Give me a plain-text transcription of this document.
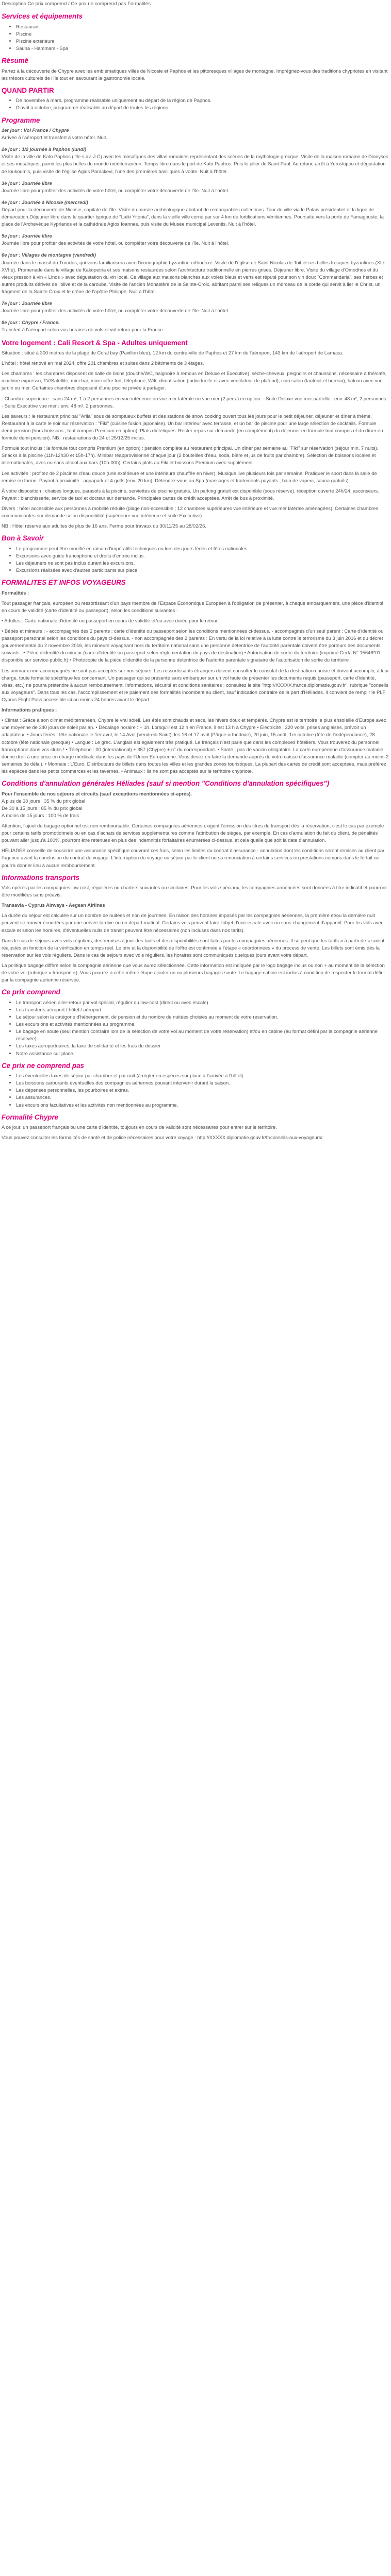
Description Ce prix comprend / Ce prix ne comprend pas Formalités
Services et équipements
• Restaurant
• Piscine
• Piscine extérieure
• Sauna - Hammam - Spa
Résumé

Partez à la découverte de Chypre avec les emblématiques villes de Nicosie et Paphos et les pittoresques villages de montagne. Imprégnez-vous des traditions chypriotes en visitant les trésors culturels de l'île tout en savourant la gastronomie locale.

QUAND PARTIR
• De novembre à mars, programme réalisable uniquement au départ de la région de Paphos.
• D'avril à octobre, programme réalisable au départ de toutes les régions.
Programme

1er jour : Vol France / Chypre

Arrivée à l'aéroport et transfert à votre hôtel. Nuit.

2e jour : 1/2 journée à Paphos (lundi)

Visite de la ville de Kato Paphos (l'île s.av. J.C) avec les mosaïques des villas romaines représentant des scènes de la mythologie grecque. Visite de la maison romaine de Dionysos et ses mosaïques, parmi les plus belles du monde méditerranéen. Temps libre dans le port de Kato Paphos. Puis le pilier de Saint-Paul. Au retour, arrêt à Yeroskipou et dégustation de loukoumis, puis visite de l'église Agios Paraskevi, l'une des premières basiliques à voûte. Nuit à l'hôtel.

3e jour : Journée libre

Journée libre pour profiter des activités de votre hôtel, ou compléter votre découverte de l'île. Nuit à l'hôtel.

4e jour : Journée à Nicosie (mercredi)

Départ pour la découverte de Nicosie, capitale de l'île. Visite du musée archéologique abritant de remarquables collections. Tour de ville via le Palais présidentiel et la ligne de démarcation.Déjeuner libre dans le quartier typique de "Laiki Yitonia", dans la vieille ville cerné par sur 4 km de fortifications vénitiennes. Poursuite vers la porte de Famagouste, la place de l'Archevêque Kyprianos et la cathédrale Agios Ioannes, puis visite du Musée municipal Leventis. Nuit à l'hôtel.

5e jour : Journée libre

Journée libre pour profiter des activités de votre hôtel, ou compléter votre découverte de l'île. Nuit à l'hôtel.

6e jour : Villages de montagne (vendredi)

Journée dans le massif du Troodos, qui vous familiarisera avec l'iconographie byzantine orthodoxe. Visite de l'église de Saint Nicolas de Toit et ses belles fresques byzantines (XIe-XVIIe). Promenade dans le village de Kakopetria et ses maisons restaurées selon l'architecture traditionnelle en pierres grises. Déjeuner libre. Visite du village d'Omodhos et du vieux pressoir à vin « Linos » avec dégustation du vin local. Ce village aux maisons blanches aux volets bleus et verts est réputé pour son vin doux "Commandaria", ses herbes et autres produits dérivés de l'olive et de la caroube. Visite de l'ancien Monastère de la Sainte-Croix, abritant parmi ses reliques un morceau de la corde qui servit à lier le Christ, un fragment de la Sainte Croix et le crâne de l'apôtre Philippe. Nuit à l'hôtel.

7e jour : Journée libre

Journée libre pour profiter des activités de votre hôtel, ou compléter votre découverte de l'île. Nuit à l'hôtel.

8e jour : Chypre / France.

Transfert à l'aéroport selon vos horaires de vols et vol retour pour la France.

Votre logement : Cali Resort & Spa - Adultes uniquement

Situation : situé à 300 mètres de la plage de Coral bay (Pavillon bleu), 12 km du centre-ville de Paphos et 27 km de l'aéroport, 143 km de l'aéroport de Larnaca.

L'hôtel : hôtel rénové en mai 2024, offre 201 chambres et suites dans 2 bâtiments de 3 étages.

Les chambres : les chambres disposent de salle de bains (douche/WC, baignoire à remous en Deluxe et Executive), sèche-cheveux, peignoirs et chaussons, nécessaire à thé/café, machine expresso, TV/Satellite, mini-bar, mini-coffre fort, téléphone, Wifi, climatisation (individuelle et avec ventilateur de plafond), coin salon (fauteuil et bureau), balcon avec vue jardin ou mer. Certaines chambres disposent d'une piscine privée à partager.

- Chambre supérieure : sans 24 m², 1 à 2 personnes en vue intérieure ou vue mer latérale ou vue mer (2 pers.) en option. - Suite Deluxe vue mer partielle : env. 48 m², 2 personnes. - Suite Executive vue mer : env. 48 m², 2 personnes.

Les saveurs : le restaurant principal "Ariia" sous de somptueux buffets et des stations de show cooking ouvert tous les jours pour le petit déjeuner, déjeuner et dîner à thème. Restaurant à la carte le soir sur réservation : "Fiki" (cuisine fusion japonaise). Un bar intérieur avec terrasse, et un bar de piscine pour une large sélection de cocktails. Formule demi-pension (hors boissons ; tout compris Premium en option). Plats diététiques. Rester repas sur demande (en complément) du déjeuner en formule tout compris et du dîner en formule demi-pension). NB : restaurations du 24 et 25/12/25 inclus.

Formule tout inclus : la formule tout compris Premium (en option) : pension complète au restaurant principal. Un dîner par semaine au "Fiki" sur réservation (séjour min. 7 nuits). Snacks à la piscine (11h-12h30 et 15h-17h). Minibar réapprovisionné chaque jour (2 bouteilles d'eau, soda, bière et jus de fruits par chambre). Sélection de boissons locales et internationales, avec ou sans alcool aux bars (10h-00h). Certains plats au Fiki et boissons Premium avec supplément.

Les activités : profitez de 2 piscines d'eau douce (une extérieure et une intérieure chauffée en hiver). Musique live plusieurs fois par semaine. Pratiquer le sport dans la salle de remise en forme. Payant à proximité : aquapark et 4 golfs (env. 20 km). Détendez-vous au Spa (massages et traitements payants ; bain de vapeur, sauna gratuits).

À votre disposition : chaises longues, parasols à la piscine, serviettes de piscine gratuits. Un parking gratuit est disponible (sous réserve). réception ouverte 24h/24, ascenseurs. Payant : blanchisserie, service de taxi et docteur sur demande. Principales cartes de crédit acceptées. Arrêt de bus à proximité.

Divers : hôtel accessible aux personnes à mobilité réduite (plage non-accessible ; 12 chambres supérieures vue intérieure et vue mer latérale aménagées). Certaines chambres communicantes sur demande selon disponibilité (supérieure vue intérieure et suite Executive).

NB : Hôtel réservé aux adultes de plus de 16 ans. Fermé pour travaux du 30/11/25 au 28/02/26.

Bon à Savoir
• Le programme peut être modifié en raison d'impératifs techniques ou lors des jours fériés et fêtes nationales.
• Excursions avec guide francophone et droits d'entrée inclus.
• Les déjeuners ne sont pas inclus durant les excursions.
• Excursions réalisées avec d'autres participants sur place.
FORMALITES ET INFOS VOYAGEURS

Formalités :

Tout passager français, européen ou ressortissant d'un pays membre de l'Espace Économique Européen à l'obligation de présenter, à chaque embarquement, une pièce d'identité en cours de validité (carte d'identité ou passeport), selon les conditions suivantes :

• Adultes : Carte nationale d'identité ou passeport en cours de validité et/ou avec durée pour le retour.

• Bébés et mineurs : - accompagnés des 2 parents : carte d'identité ou passeport selon les conditions mentionnées ci-dessus. - accompagnés d'un seul parent : Carte d'identité ou passeport personnel selon les conditions du pays ci-dessus. - non accompagnés des 2 parents : En vertu de la loi relative à la lutte contre le terrorisme du 3 juin 2016 et du décret gouvernemental du 2 novembre 2016, les mineurs voyageant hors du territoire national sans une personne détentrice de l'autorité parentale doivent être porteurs des documents suivants : • Pièce d'identité du mineur (carte d'identité ou passeport selon réglementation du pays de destination) • Autorisation de sortie du territoire (imprimé Cerfa N° 15646*01 disponible sur service-public.fr) • Photocopie de la pièce d'identité de la personne détentrice de l'autorité parentale signataire de l'autorisation de sortie du territoire

Les animaux non-accompagnés ne sont pas acceptés sur nos séjours. Les ressortissants étrangers doivent consulter le consulat de la destination choisie et doivent accomplir, à leur charge, toute formalité spécifique les concernant. Un passager qui se présenté sans embarquer sur un vol faute de présenter les documents requis (passeport, carte d'identité, visas, etc.) ne pourra prétendre à aucun remboursement. Informations, sécurité et conditions sanitaires : consultez le site "http://XXXXX.france.diplomatie.gouv.fr", rubrique "conseils aux voyageurs". Dans tous les cas, l'accomplissement et le paiement des formalités incombent au client, sauf indication contraire de la part d'Héliades. Il convient de remplir le PLF Cyprus Flight Pass accessible ici au moins 24 heures avant le départ

Informations pratiques :

• Climat : Grâce à son climat méditerranéen, Chypre le vrai soleil. Les étés sont chauds et secs, les hivers doux et tempérés. Chypre est le territoire le plus ensoleillé d'Europe avec une moyenne de 340 jours de soleil par an. • Décalage horaire : + 1h. Lorsqu'il est 12 h en France, il est 13 h à Chypre • Électricité : 220 volts, prises anglaises, prévoir un adaptateur. • Jours fériés : fête nationale le 1er avril, le 14 Avril (Vendredi Saint), les 16 et 17 avril (Pâque orthodoxe), 20 juin, 15 août, 1er octobre (fête de l'indépendance), 28 octobre (fête nationale grecque) • Langue : Le grec. L'anglais est également très pratiqué. Le français n'est parlé que dans les complexes hôteliers. Vous trouverez du personnel francophone dans vos clubs ! • Téléphone : 00 (international) + 357 (Chypre) + n° du correspondant. • Santé : pas de vaccin obligatoire. La carte européenne d'assurance maladie donne droit à une prise en charge médicale dans les pays de l'Union Européenne. Vous devez en faire la demande auprès de votre caisse d'assurance maladie (compter au moins 2 semaines de délai). • Monnaie : L'Euro. Distributeurs de billets dans toutes les villes et les grandes zones touristiques. La plupart des cartes de crédit sont acceptées, mais préférez les espèces dans les petits commerces et les tavernes. • Animaux : ils ne sont pas acceptés sur le territoire chypriote.

Conditions d'annulation générales Héliades (sauf si mention "Conditions d'annulation spécifiques")

Pour l'ensemble de nos séjours et circuits (sauf exceptions mentionnées ci-après).

A plus de 30 jours : 35 % du prix global

De 30 à 15 jours : 85 % du prix global

A moins de 15 jours : 100 % de frais

Attention, l'ajout de bagage optionnel est non remboursable. Certaines compagnies aériennes exigent l'émission des titres de transport dès la réservation, c'est le cas par exemple pour certains tarifs promotionnels ou en cas d'achats de services supplémentaires comme l'attribution de sièges, par exemple. En cas d'annulation du fait du client, de pénalités pouvant aller jusqu'à 100%, pourront être retenues en plus des indemnités forfaitaires énumérées ci-dessus, et cela quelle que soit la date d'annulation.

HÉLIADES conseille de souscrire une assurance spécifique couvrant ces frais, selon les limites du contrat d'assurance - annulation dont les conditions seront remises au client par l'agence avant la conclusion du contrat de voyage. L'interruption du voyage ou séjour par le client ou sa renonciation à certains services ou prestations compris dans le forfait ne pourra donner lieu à aucun remboursement.

Informations transports

Vols opérés par les compagnies low cost, régulières ou charters suivantes ou similaires. Pour les vols spéciaux, les compagnies annoncées sont données à titre indicatif et pourront être modifiées sans préavis.

Transavia - Cyprus Airways - Aegean Airlines

La durée du séjour est calculée sur un nombre de nuitées et non de journées. En raison des horaires imposés par les compagnies aériennes, la première et/ou la dernière nuit peuvent se trouver écourtées par une arrivée tardive ou un départ matinal. Certains vols peuvent faire l'objet d'une escale avec ou sans changement d'appareil. Pour les vols avec escale et selon les horaires, d'éventuelles nuits de transit peuvent être nécessaires (non incluses dans nos tarifs).

Dans le cas de séjours avec vols réguliers, des remises à jour des tarifs et des disponibilités sont faites par les compagnies aériennes. Il se peut que les tarifs « à partir de » soient réajustés en fonction de la vérification en temps réel. Le prix et la disponibilité de l'offre est confirmée à l'étape « coordonnées » du process de vente. Les billets sont émis dès la réservation sur les vols réguliers. Dans le cas de séjours avec vols réguliers, les horaires sont communiqués quelques jours avant votre départ.

La politique bagage diffère selon la compagnie aérienne que vous aurez sélectionnée. Cette information est indiquée par le logo bagage inclus ou non + au moment de la sélection de votre vol (rubrique « transport »). Vous pourrez à cette même étape ajouter un ou plusieurs bagages soute. Le bagage cabine est inclus à condition de respecter le format défini par la compagnie aérienne réservée.

Ce prix comprend
• Le transport aérien aller-retour par vol spécial, régulier ou low-cost (direct ou avec escale)
• Les transferts aéroport / hôtel / aéroport
• Le séjour selon la catégorie d'hébergement, de pension et du nombre de nuitées choisies au moment de votre réservation.
• Les excursions et activités mentionnées au programme.
• Le bagage en soute (seul mention contraire lors de la sélection de votre vol au moment de votre réservation) et/ou en cabine (au format défini par la compagnie aérienne réservée).
• Les taxes aéroportuaires, la taxe de solidarité et les frais de dossier
• Notre assistance sur place.
Ce prix ne comprend pas
• Les éventuelles taxes de séjour par chambre et par nuit (à régler en espèces sur place à l'arrivée à l'hôtel).
• Les boissons carburants éventuelles des compagnies aériennes pouvant intervenir durant la saison.
• Les dépenses personnelles, les pourboires et extras.
• Les assurances.
• Les excursions facultatives et les activités non mentionnées au programme.
Formalité Chypre

A ce jour, un passeport français ou une carte d'identité, toujours en cours de validité sont nécessaires pour entrer sur le territoire.

Vous pouvez consulter les formalités de santé et de police nécessaires pour votre voyage : http://XXXXX.diplomatie.gouv.fr/fr/conseils-aux-voyageurs/
